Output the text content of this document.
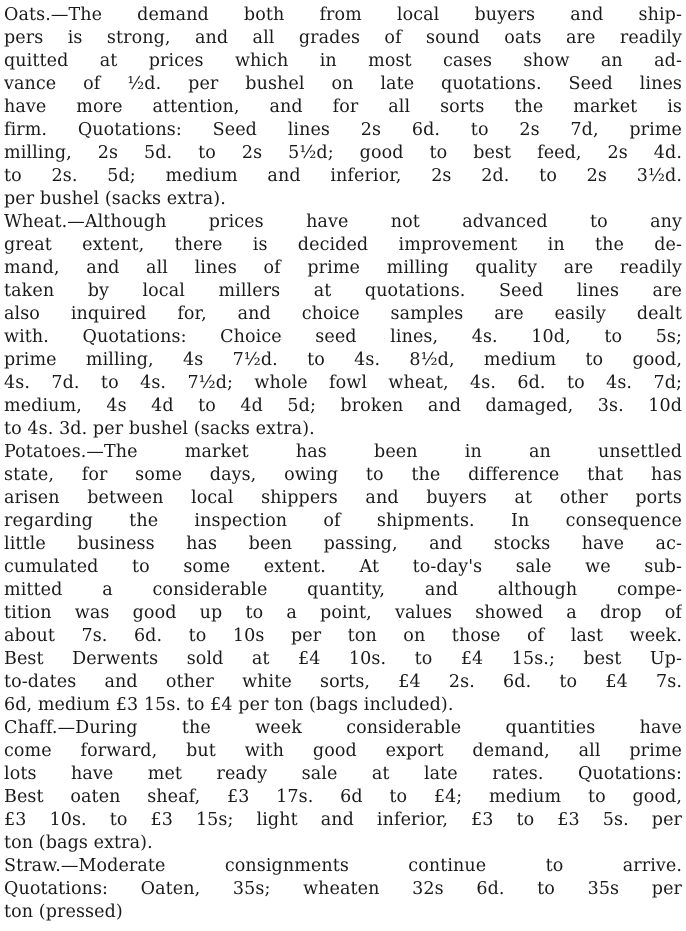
Oats.—The demand both from local buyers and ship-
pers is strong, and all grades of sound oats are readily
quitted at prices which in most cases show an ad-
vance of ½d. per bushel on late quotations. Seed lines
have more attention, and for all sorts the market is
firm. Quotations: Seed lines 2s 6d. to 2s 7d, prime
milling, 2s 5d. to 2s 5½d; good to best feed, 2s 4d.
to 2s. 5d; medium and inferior, 2s 2d. to 2s 3½d.
per bushel (sacks extra).
Wheat.—Although prices have not advanced to any
great extent, there is decided improvement in the de-
mand, and all lines of prime milling quality are readily
taken by local millers at quotations. Seed lines are
also inquired for, and choice samples are easily dealt
with. Quotations: Choice seed lines, 4s. 10d, to 5s;
prime milling, 4s 7½d. to 4s. 8½d, medium to good,
4s. 7d. to 4s. 7½d; whole fowl wheat, 4s. 6d. to 4s. 7d;
medium, 4s 4d to 4d 5d; broken and damaged, 3s. 10d
to 4s. 3d. per bushel (sacks extra).
Potatoes.—The market has been in an unsettled
state, for some days, owing to the difference that has
arisen between local shippers and buyers at other ports
regarding the inspection of shipments. In consequence
little business has been passing, and stocks have ac-
cumulated to some extent. At to-day's sale we sub-
mitted a considerable quantity, and although compe-
tition was good up to a point, values showed a drop of
about 7s. 6d. to 10s per ton on those of last week.
Best Derwents sold at £4 10s. to £4 15s.; best Up-
to-dates and other white sorts, £4 2s. 6d. to £4 7s.
6d, medium £3 15s. to £4 per ton (bags included).
Chaff.—During the week considerable quantities have
come forward, but with good export demand, all prime
lots have met ready sale at late rates. Quotations:
Best oaten sheaf, £3 17s. 6d to £4; medium to good,
£3 10s. to £3 15s; light and inferior, £3 to £3 5s. per
ton (bags extra).
Straw.—Moderate consignments continue to arrive.
Quotations: Oaten, 35s; wheaten 32s 6d. to 35s per
ton (pressed)
